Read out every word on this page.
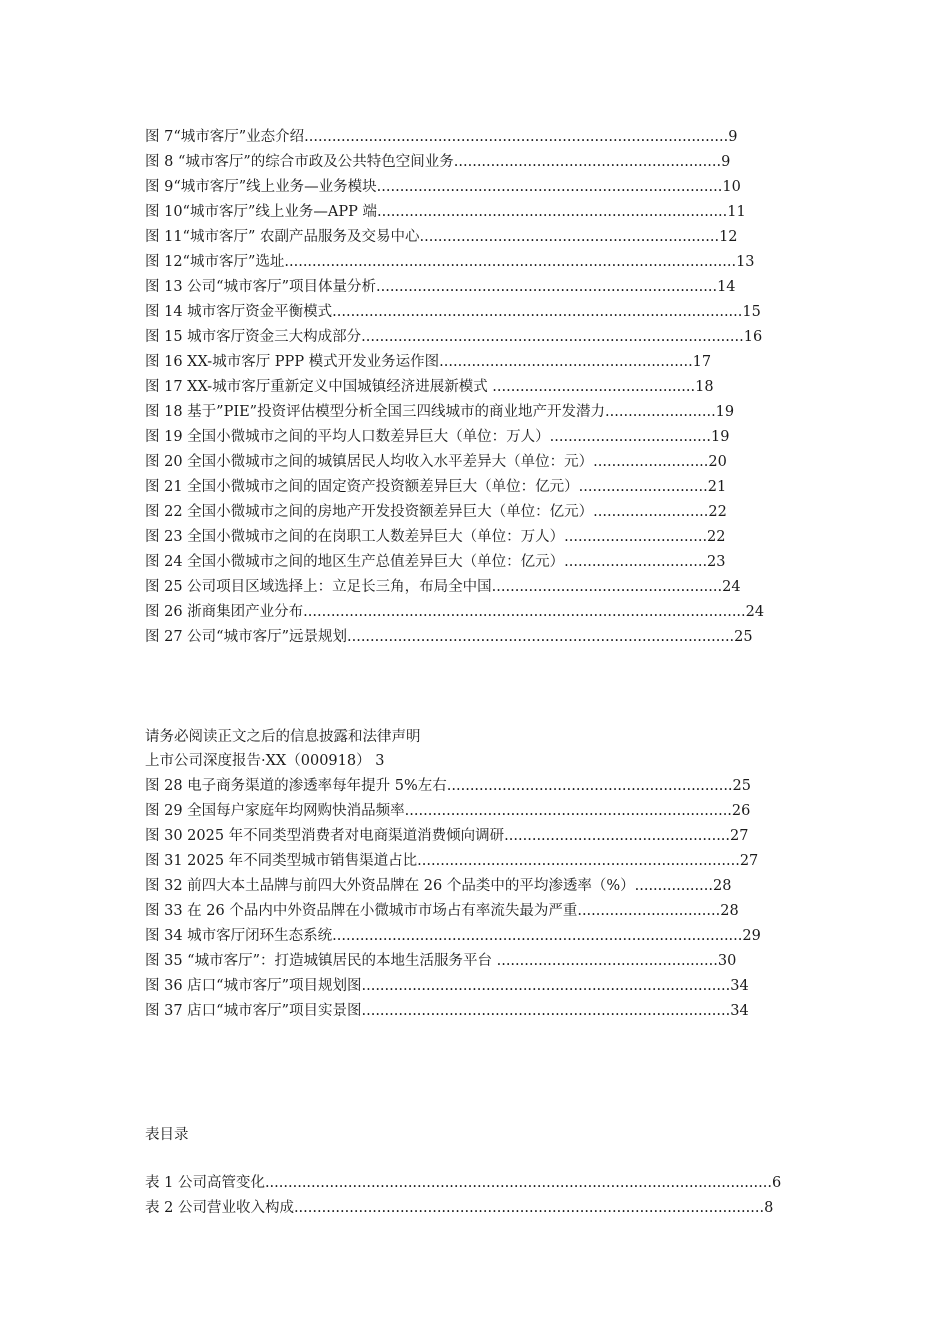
图 7“城市客厅”业态介绍............................................................................................9
图 8 “城市客厅”的综合市政及公共特色空间业务..........................................................9
图 9“城市客厅”线上业务—业务模块...........................................................................10
图 10“城市客厅”线上业务—APP 端............................................................................11
图 11“城市客厅” 农副产品服务及交易中心.................................................................12
图 12“城市客厅”选址..................................................................................................13
图 13 公司“城市客厅”项目体量分析..........................................................................14
图 14 城市客厅资金平衡模式.........................................................................................15
图 15 城市客厅资金三大构成部分...................................................................................16
图 16 XX-城市客厅 PPP 模式开发业务运作图.......................................................17
图 17 XX-城市客厅重新定义中国城镇经济进展新模式 ............................................18
图 18 基于”PIE”投资评估模型分析全国三四线城市的商业地产开发潜力........................19
图 19 全国小微城市之间的平均人口数差异巨大（单位：万人）...................................19
图 20 全国小微城市之间的城镇居民人均收入水平差异大（单位：元）.........................20
图 21 全国小微城市之间的固定资产投资额差异巨大（单位：亿元）............................21
图 22 全国小微城市之间的房地产开发投资额差异巨大（单位：亿元）.........................22
图 23 全国小微城市之间的在岗职工人数差异巨大（单位：万人）...............................22
图 24 全国小微城市之间的地区生产总值差异巨大（单位：亿元）...............................23
图 25 公司项目区域选择上：立足长三角，布局全中国..................................................24
图 26 浙商集团产业分布................................................................................................24
图 27 公司“城市客厅”远景规划....................................................................................25
请务必阅读正文之后的信息披露和法律声明
上市公司深度报告·XX（000918） 3
图 28 电子商务渠道的渗透率每年提升 5%左右..............................................................25
图 29 全国每户家庭年均网购快消品频率.......................................................................26
图 30 2025 年不同类型消费者对电商渠道消费倾向调研.................................................27
图 31 2025 年不同类型城市销售渠道占比......................................................................27
图 32 前四大本土品牌与前四大外资品牌在 26 个品类中的平均渗透率（%）.................28
图 33 在 26 个品内中外资品牌在小微城市市场占有率流失最为严重...............................28
图 34 城市客厅闭环生态系统.........................................................................................29
图 35 “城市客厅”：打造城镇居民的本地生活服务平台 ................................................30
图 36 店口“城市客厅”项目规划图................................................................................34
图 37 店口“城市客厅”项目实景图................................................................................34
表目录
表 1 公司高管变化..............................................................................................................6
表 2 公司营业收入构成......................................................................................................8
